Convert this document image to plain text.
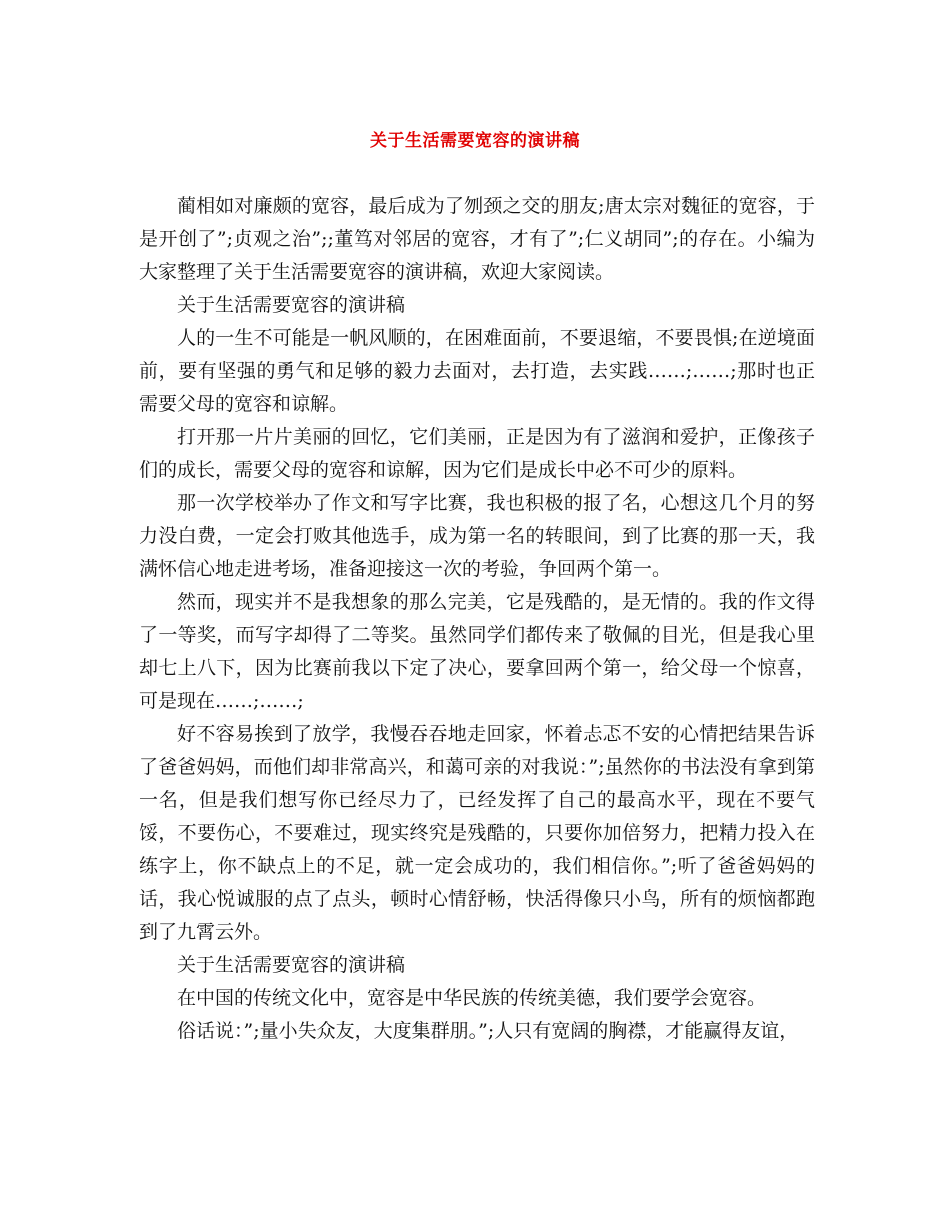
关于生活需要宽容的演讲稿

蔺相如对廉颇的宽容，最后成为了刎颈之交的朋友;唐太宗对魏征的宽容，于是开创了”;贞观之治”;;董笃对邻居的宽容，才有了”;仁义胡同”;的存在。小编为大家整理了关于生活需要宽容的演讲稿，欢迎大家阅读。

关于生活需要宽容的演讲稿

人的一生不可能是一帆风顺的，在困难面前，不要退缩，不要畏惧;在逆境面前，要有坚强的勇气和足够的毅力去面对，去打造，去实践……;……;那时也正需要父母的宽容和谅解。

打开那一片片美丽的回忆，它们美丽，正是因为有了滋润和爱护，正像孩子们的成长，需要父母的宽容和谅解，因为它们是成长中必不可少的原料。

那一次学校举办了作文和写字比赛，我也积极的报了名，心想这几个月的努力没白费，一定会打败其他选手，成为第一名的转眼间，到了比赛的那一天，我满怀信心地走进考场，准备迎接这一次的考验，争回两个第一。

然而，现实并不是我想象的那么完美，它是残酷的，是无情的。我的作文得了一等奖，而写字却得了二等奖。虽然同学们都传来了敬佩的目光，但是我心里却七上八下，因为比赛前我以下定了决心，要拿回两个第一，给父母一个惊喜，可是现在……;……;

好不容易挨到了放学，我慢吞吞地走回家，怀着忐忑不安的心情把结果告诉了爸爸妈妈，而他们却非常高兴，和蔼可亲的对我说：”;虽然你的书法没有拿到第一名，但是我们想写你已经尽力了，已经发挥了自己的最高水平，现在不要气馁，不要伤心，不要难过，现实终究是残酷的，只要你加倍努力，把精力投入在练字上，你不缺点上的不足，就一定会成功的，我们相信你。”;听了爸爸妈妈的话，我心悦诚服的点了点头，顿时心情舒畅，快活得像只小鸟，所有的烦恼都跑到了九霄云外。

关于生活需要宽容的演讲稿

在中国的传统文化中，宽容是中华民族的传统美德，我们要学会宽容。

俗话说：”;量小失众友，大度集群朋。”;人只有宽阔的胸襟，才能赢得友谊，
